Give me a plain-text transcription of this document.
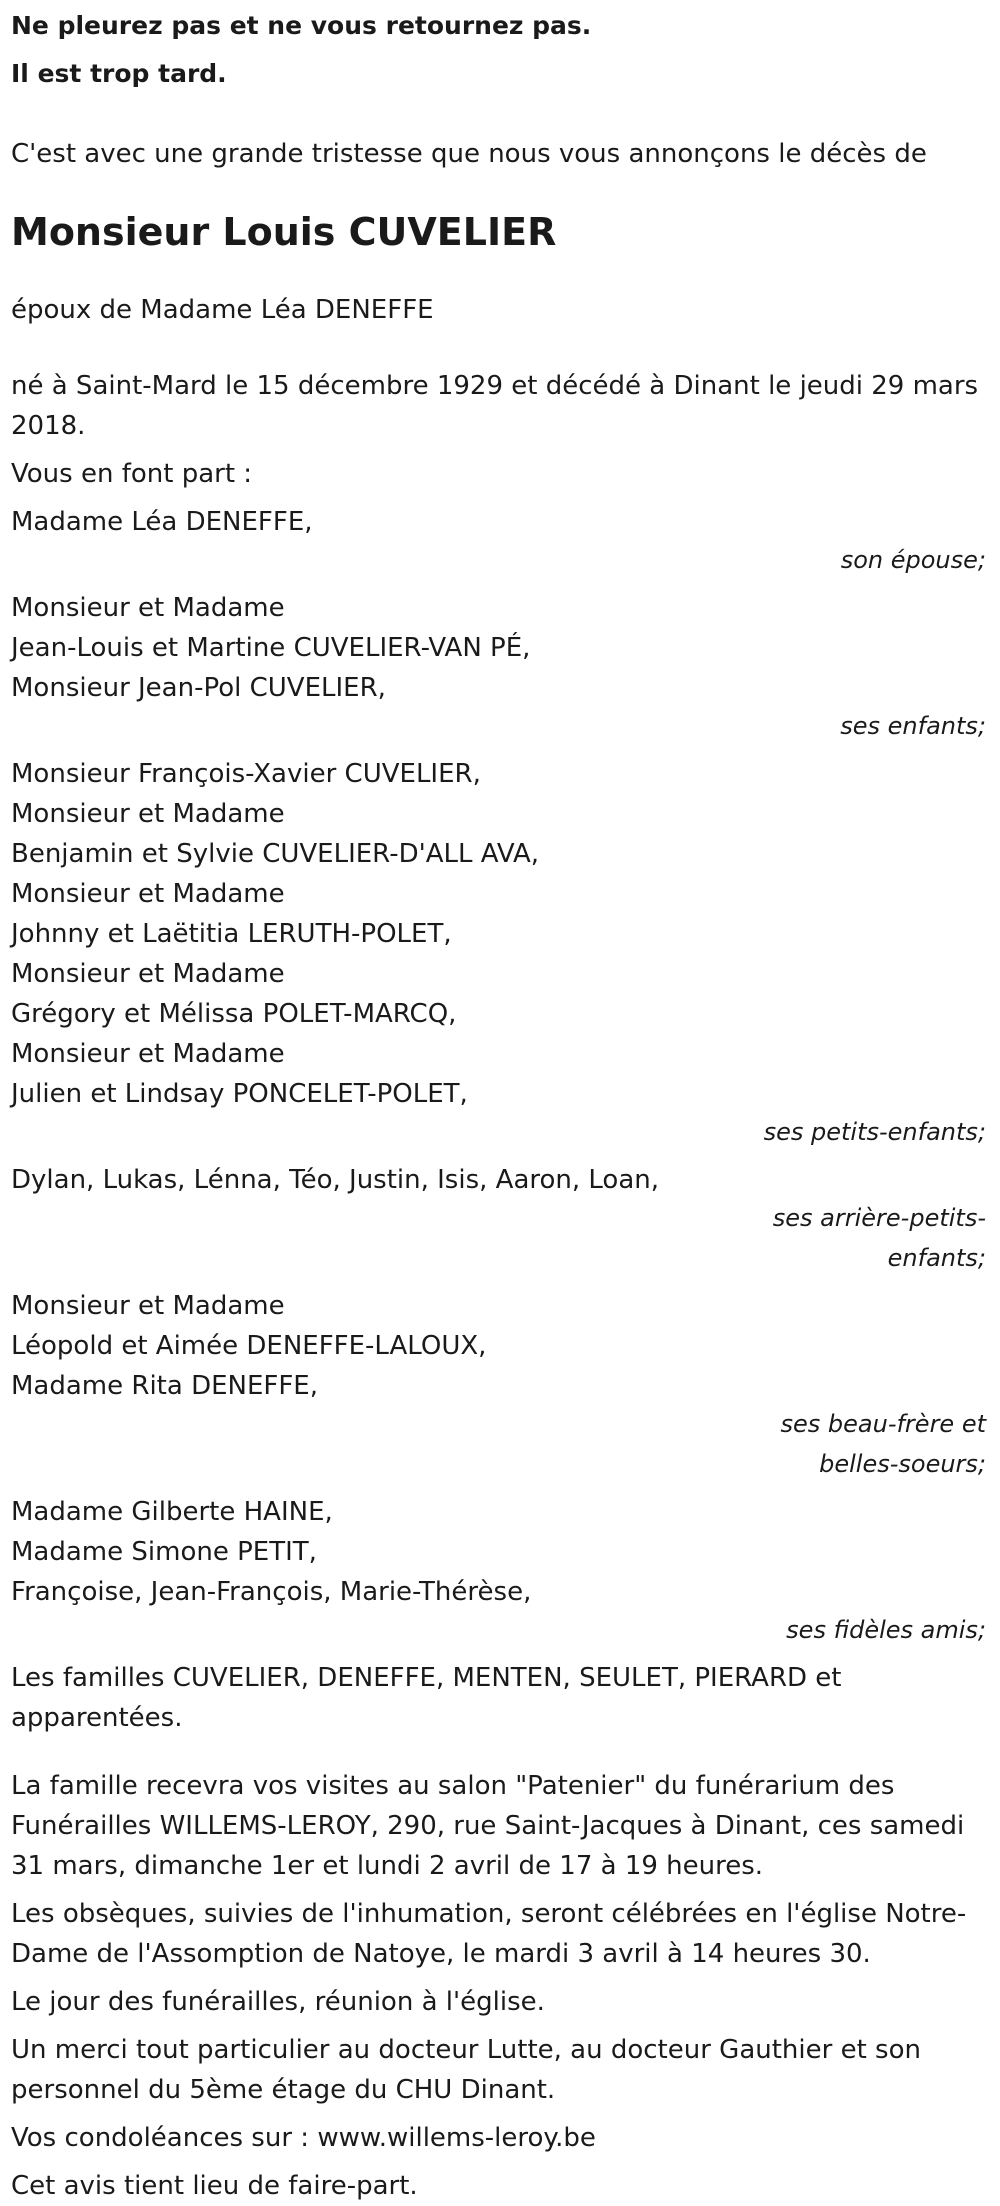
Ne pleurez pas et ne vous retournez pas.
Il est trop tard.

C'est avec une grande tristesse que nous vous annonçons le décès de

Monsieur Louis CUVELIER

époux de Madame Léa DENEFFE

né à Saint-Mard le 15 décembre 1929 et décédé à Dinant le jeudi 29 mars 2018.

Vous en font part :

Madame Léa DENEFFE,
son épouse;
Monsieur et Madame
Jean-Louis et Martine CUVELIER-VAN PÉ,
Monsieur Jean-Pol CUVELIER,
ses enfants;
Monsieur François-Xavier CUVELIER,
Monsieur et Madame
Benjamin et Sylvie CUVELIER-D'ALL AVA,
Monsieur et Madame
Johnny et Laëtitia LERUTH-POLET,
Monsieur et Madame
Grégory et Mélissa POLET-MARCQ,
Monsieur et Madame
Julien et Lindsay PONCELET-POLET,
ses petits-enfants;
Dylan, Lukas, Lénna, Téo, Justin, Isis, Aaron, Loan,
ses arrière-petits-enfants;
Monsieur et Madame
Léopold et Aimée DENEFFE-LALOUX,
Madame Rita DENEFFE,
ses beau-frère et belles-soeurs;
Madame Gilberte HAINE,
Madame Simone PETIT,
Françoise, Jean-François, Marie-Thérèse,
ses fidèles amis;

Les familles CUVELIER, DENEFFE, MENTEN, SEULET, PIERARD et apparentées.

La famille recevra vos visites au salon "Patenier" du funérarium des Funérailles WILLEMS-LEROY, 290, rue Saint-Jacques à Dinant, ces samedi 31 mars, dimanche 1er et lundi 2 avril de 17 à 19 heures.

Les obsèques, suivies de l'inhumation, seront célébrées en l'église Notre-Dame de l'Assomption de Natoye, le mardi 3 avril à 14 heures 30.

Le jour des funérailles, réunion à l'église.

Un merci tout particulier au docteur Lutte, au docteur Gauthier et son personnel du 5ème étage du CHU Dinant.

Vos condoléances sur : www.willems-leroy.be

Cet avis tient lieu de faire-part.
